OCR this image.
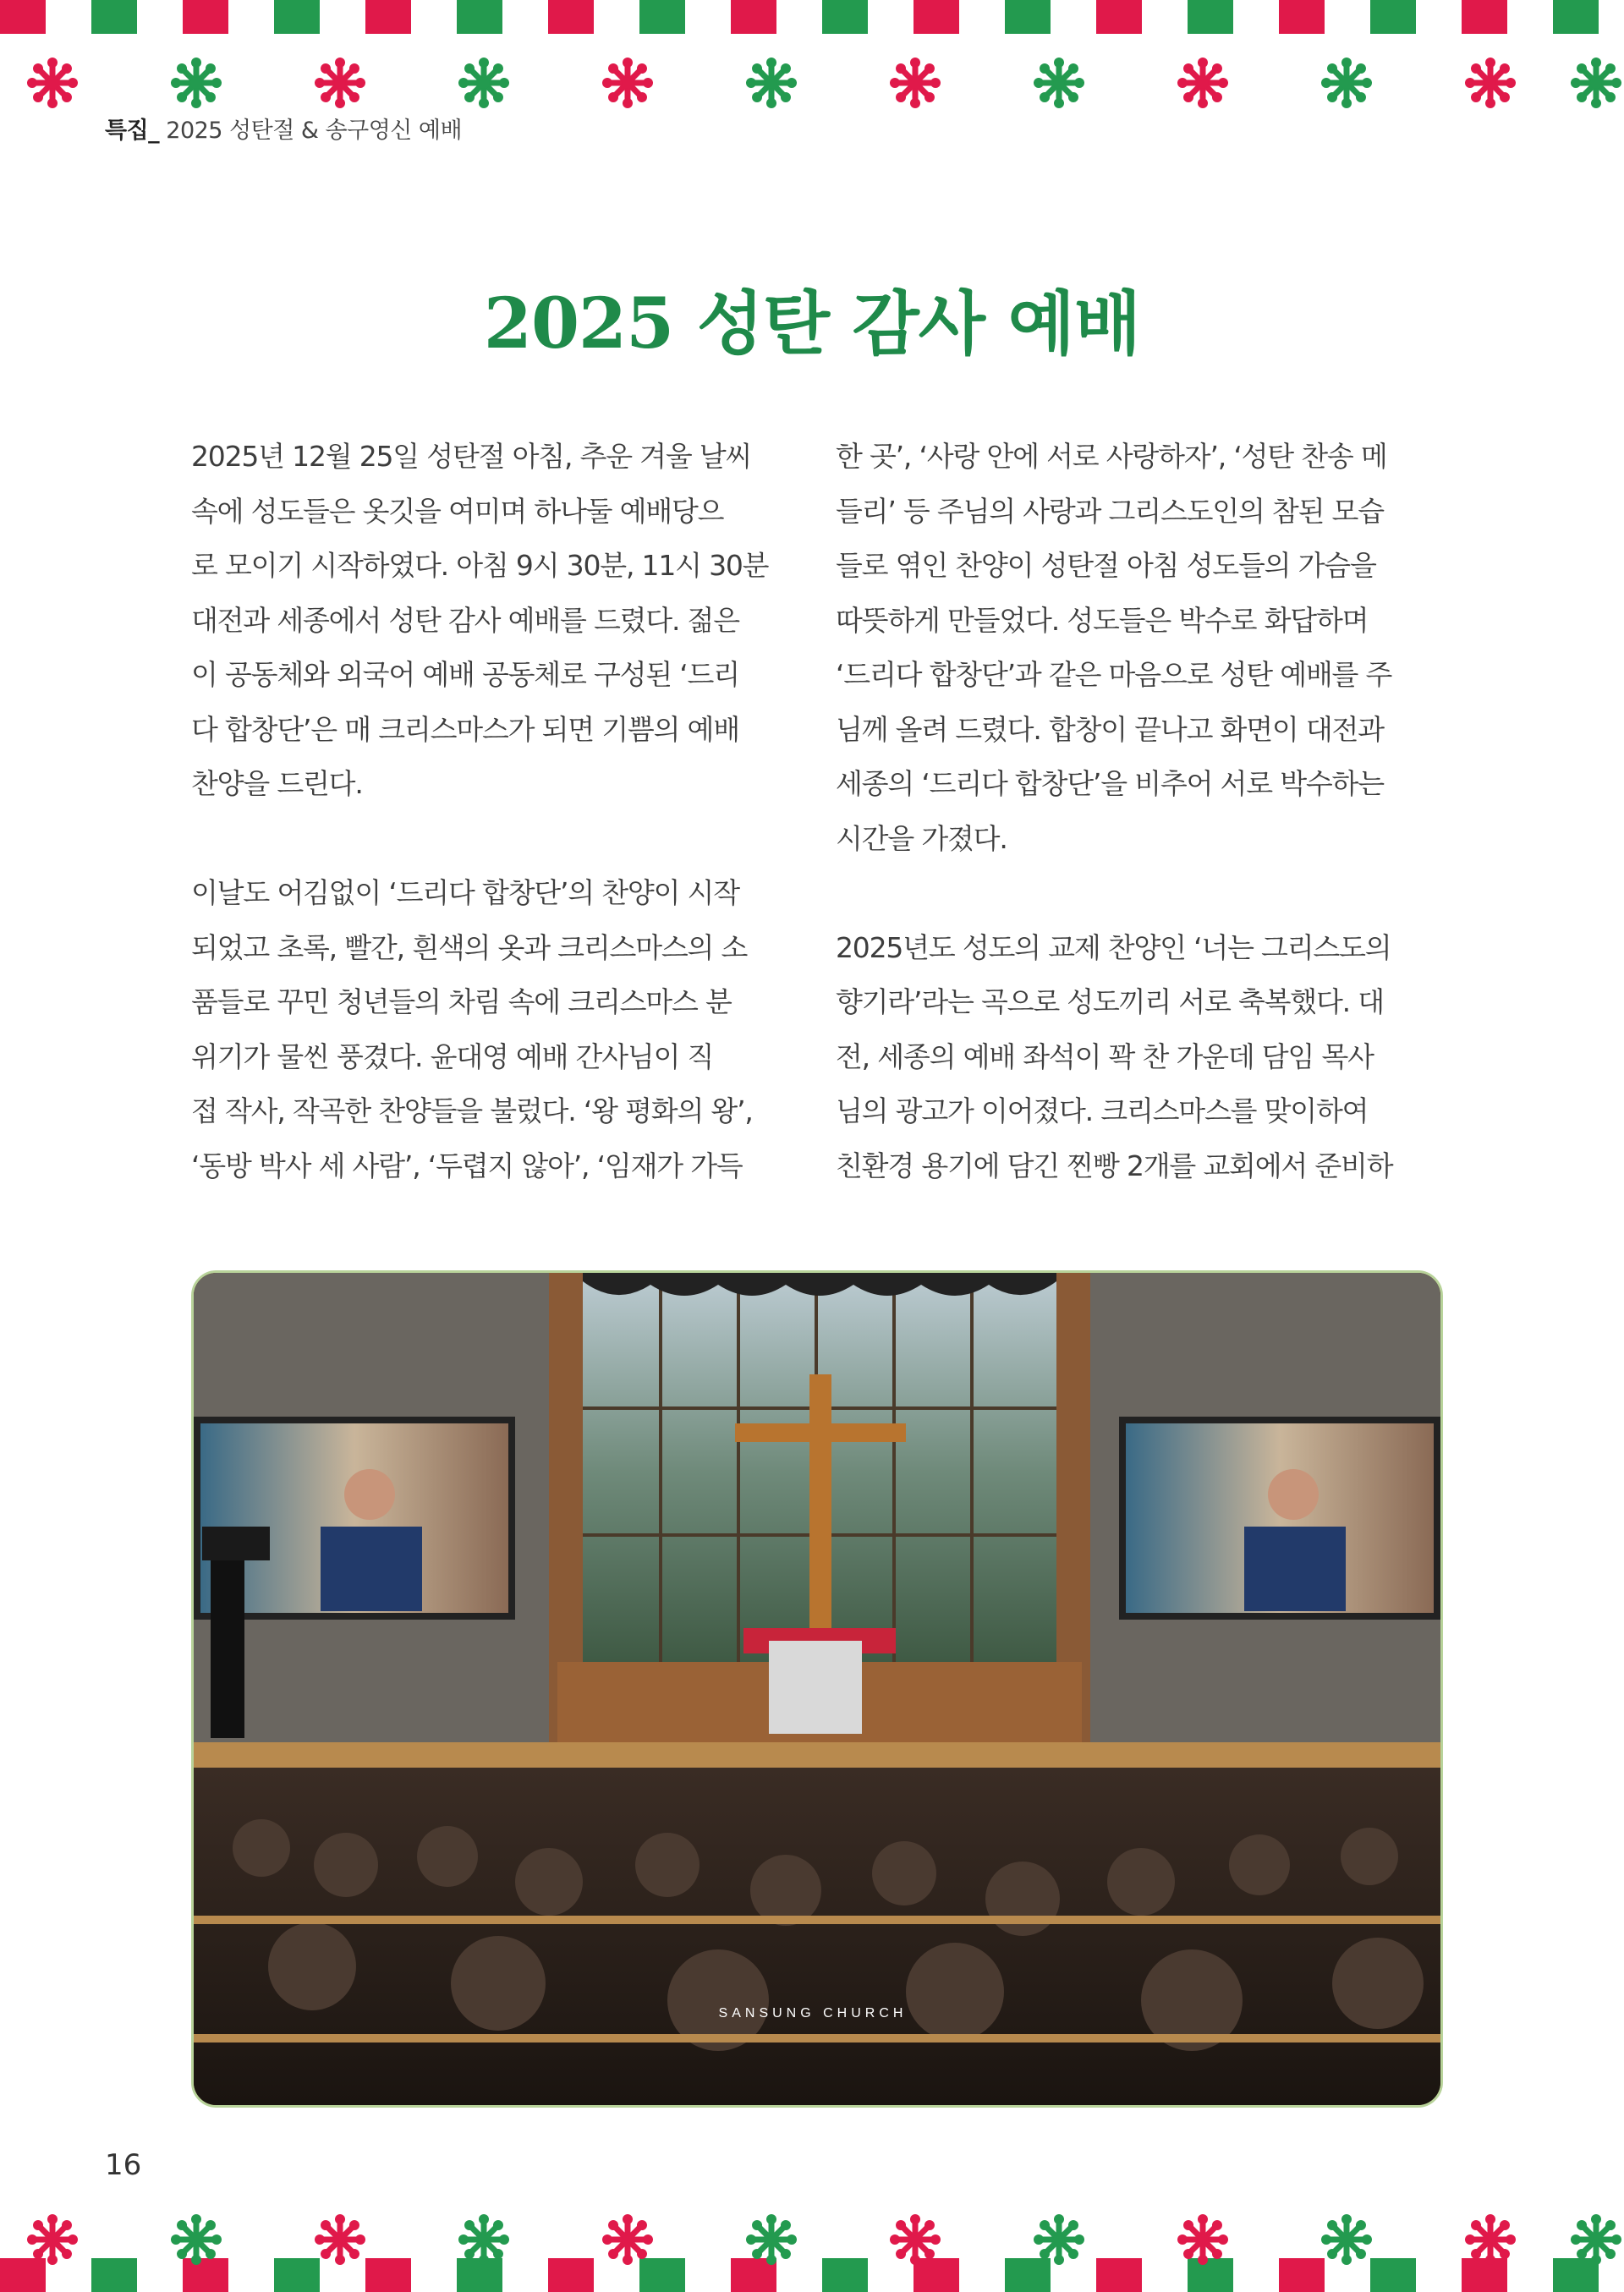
특집_ 2025 성탄절 & 송구영신 예배
2025 성탄 감사 예배
2025년 12월 25일 성탄절 아침, 추운 겨울 날씨
속에 성도들은 옷깃을 여미며 하나둘 예배당으
로 모이기 시작하였다. 아침 9시 30분, 11시 30분
대전과 세종에서 성탄 감사 예배를 드렸다. 젊은
이 공동체와 외국어 예배 공동체로 구성된 ‘드리
다 합창단’은 매 크리스마스가 되면 기쁨의 예배
찬양을 드린다.
이날도 어김없이 ‘드리다 합창단’의 찬양이 시작
되었고 초록, 빨간, 흰색의 옷과 크리스마스의 소
품들로 꾸민 청년들의 차림 속에 크리스마스 분
위기가 물씬 풍겼다. 윤대영 예배 간사님이 직
접 작사, 작곡한 찬양들을 불렀다. ‘왕 평화의 왕’,
‘동방 박사 세 사람’, ‘두렵지 않아’, ‘임재가 가득
한 곳’, ‘사랑 안에 서로 사랑하자’, ‘성탄 찬송 메
들리’ 등 주님의 사랑과 그리스도인의 참된 모습
들로 엮인 찬양이 성탄절 아침 성도들의 가슴을
따뜻하게 만들었다. 성도들은 박수로 화답하며
‘드리다 합창단’과 같은 마음으로 성탄 예배를 주
님께 올려 드렸다. 합창이 끝나고 화면이 대전과
세종의 ‘드리다 합창단’을 비추어 서로 박수하는
시간을 가졌다.
2025년도 성도의 교제 찬양인 ‘너는 그리스도의
향기라’라는 곡으로 성도끼리 서로 축복했다. 대
전, 세종의 예배 좌석이 꽉 찬 가운데 담임 목사
님의 광고가 이어졌다. 크리스마스를 맞이하여
친환경 용기에 담긴 찐빵 2개를 교회에서 준비하
SANSUNG CHURCH
16
